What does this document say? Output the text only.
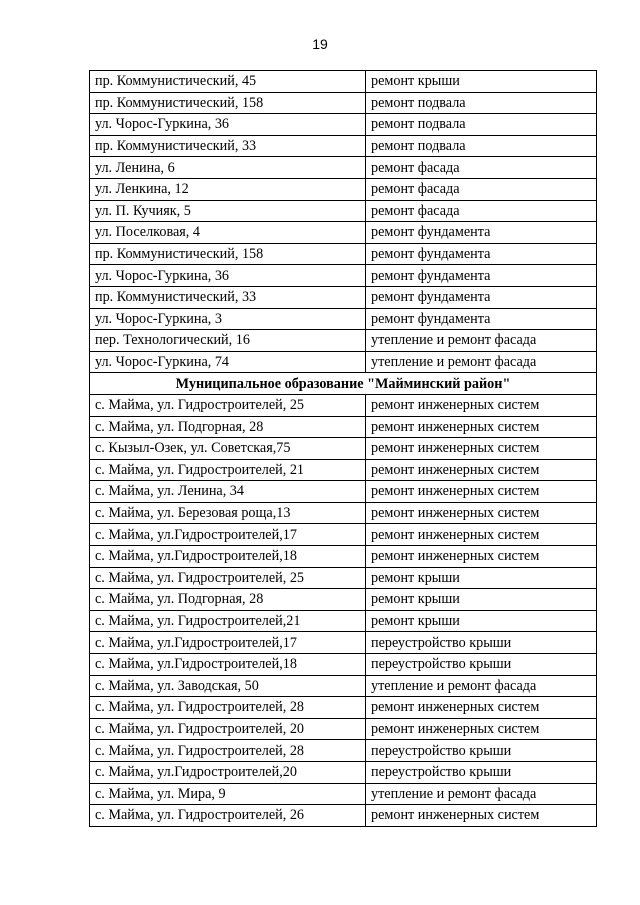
19
пр. Коммунистический, 45	ремонт крыши
пр. Коммунистический, 158	ремонт подвала
ул. Чорос-Гуркина, 36	ремонт подвала
пр. Коммунистический, 33	ремонт подвала
ул. Ленина, 6	ремонт фасада
ул. Ленкина, 12	ремонт фасада
ул. П. Кучияк, 5	ремонт фасада
ул. Поселковая, 4	ремонт фундамента
пр. Коммунистический, 158	ремонт фундамента
ул. Чорос-Гуркина, 36	ремонт фундамента
пр. Коммунистический, 33	ремонт фундамента
ул. Чорос-Гуркина, 3	ремонт фундамента
пер. Технологический, 16	утепление и ремонт фасада
ул. Чорос-Гуркина, 74	утепление и ремонт фасада
Муниципальное образование "Майминский район"	
с. Майма, ул. Гидростроителей, 25	ремонт инженерных систем
с. Майма, ул. Подгорная, 28	ремонт инженерных систем
с. Кызыл-Озек, ул. Советская,75	ремонт инженерных систем
с. Майма, ул. Гидростроителей, 21	ремонт инженерных систем
с. Майма, ул. Ленина, 34	ремонт инженерных систем
с. Майма, ул. Березовая роща,13	ремонт инженерных систем
с. Майма, ул.Гидростроителей,17	ремонт инженерных систем
с. Майма, ул.Гидростроителей,18	ремонт инженерных систем
с. Майма, ул. Гидростроителей, 25	ремонт крыши
с. Майма, ул. Подгорная, 28	ремонт крыши
с. Майма, ул. Гидростроителей,21	ремонт крыши
с. Майма, ул.Гидростроителей,17	переустройство крыши
с. Майма, ул.Гидростроителей,18	переустройство крыши
с. Майма, ул. Заводская, 50	утепление и ремонт фасада
с. Майма, ул. Гидростроителей, 28	ремонт инженерных систем
с. Майма, ул. Гидростроителей, 20	ремонт инженерных систем
с. Майма, ул. Гидростроителей, 28	переустройство крыши
с. Майма, ул.Гидростроителей,20	переустройство крыши
с. Майма, ул. Мира, 9	утепление и ремонт фасада
с. Майма, ул. Гидростроителей, 26	ремонт инженерных систем
